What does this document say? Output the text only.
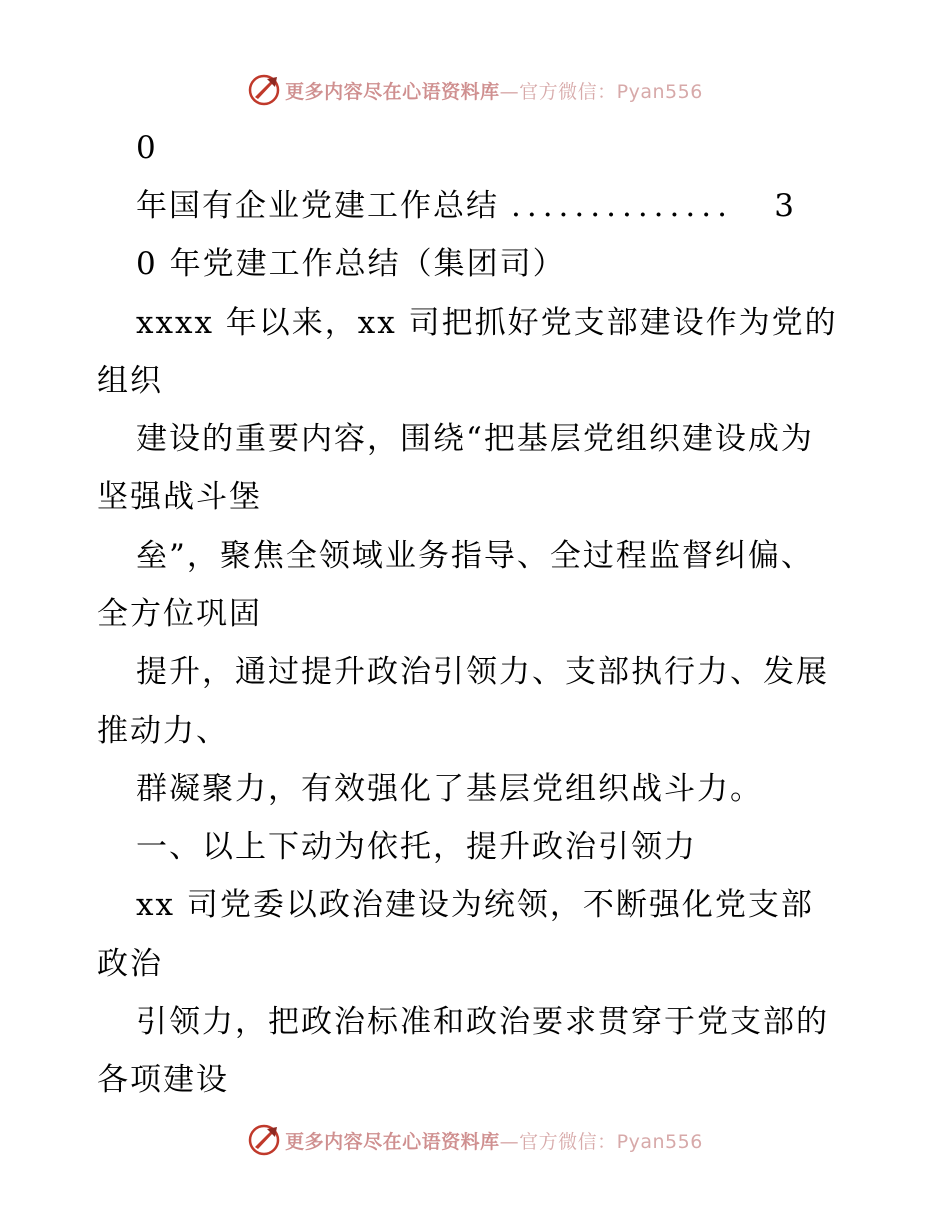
更多内容尽在心语资料库—官方微信：Pyan556
0
年国有企业党建工作总结 ..............	3
0 年党建工作总结（集团司）
xxxx 年以来，xx 司把抓好党支部建设作为党的
组织
建设的重要内容，围绕“把基层党组织建设成为
坚强战斗堡
垒”，聚焦全领域业务指导、全过程监督纠偏、
全方位巩固
提升，通过提升政治引领力、支部执行力、发展
推动力、
群凝聚力，有效强化了基层党组织战斗力。
一、以上下动为依托，提升政治引领力
xx 司党委以政治建设为统领，不断强化党支部
政治
引领力，把政治标准和政治要求贯穿于党支部的
各项建设
更多内容尽在心语资料库—官方微信：Pyan556
